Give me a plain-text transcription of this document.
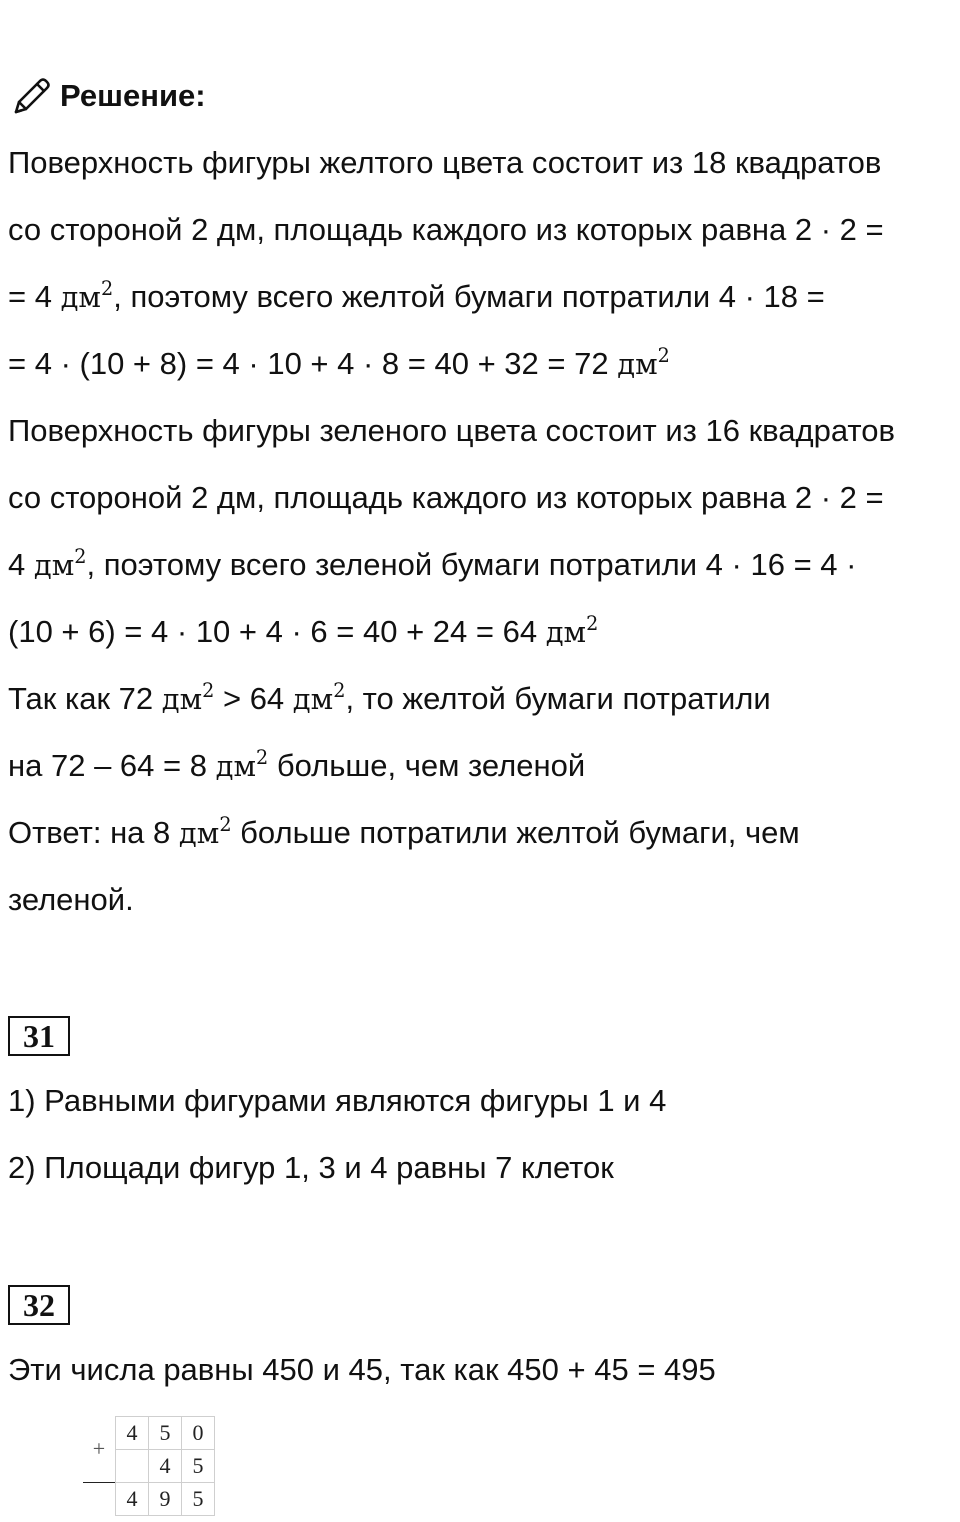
Решение:
Поверхность фигуры желтого цвета состоит из 18 квадратов
со стороной 2 дм, площадь каждого из которых равна 2 · 2 =
= 4 $дм^2$, поэтому всего желтой бумаги потратили 4 · 18 =
= 4 · (10 + 8) = 4 · 10 + 4 · 8 = 40 + 32 = 72 $дм^2$
Поверхность фигуры зеленого цвета состоит из 16 квадратов
со стороной 2 дм, площадь каждого из которых равна 2 · 2 =
4 $дм^2$, поэтому всего зеленой бумаги потратили 4 · 16 = 4 ·
(10 + 6) = 4 · 10 + 4 · 6 = 40 + 24 = 64 $дм^2$
Так как 72 $дм^2 > 64$ $дм^2$, то желтой бумаги потратили
на 72 – 64 = 8 $дм^2$ больше, чем зеленой
Ответ: на 8 $дм^2$ больше потратили желтой бумаги, чем
зеленой.
31
1) Равными фигурами являются фигуры 1 и 4
2) Площади фигур 1, 3 и 4 равны 7 клеток
32
Эти числа равны 450 и 45, так как 450 + 45 = 495
+	4	5	0
		4	5
	4	9	5
